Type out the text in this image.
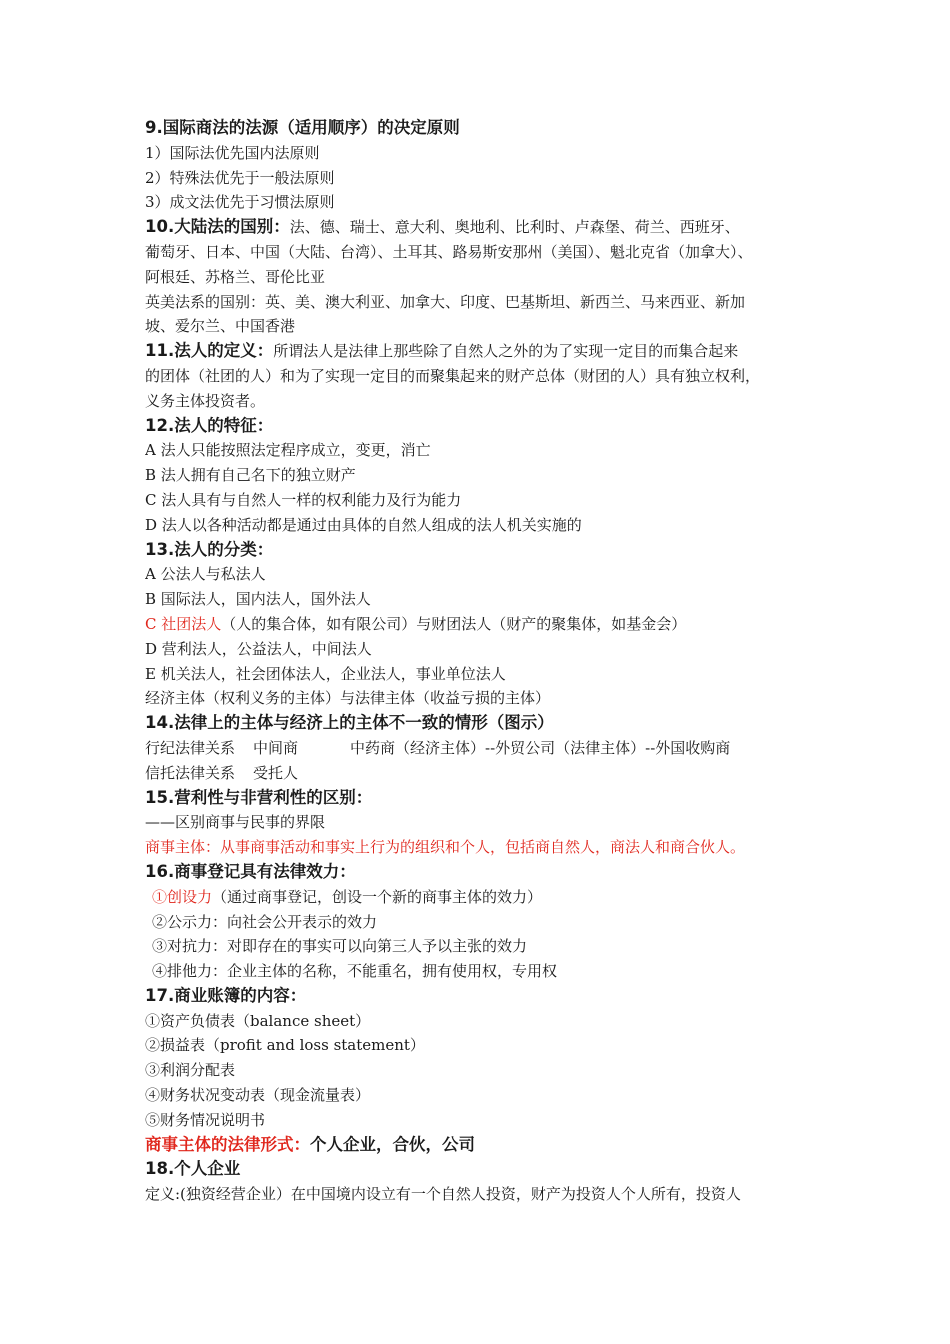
9.国际商法的法源（适用顺序）的决定原则
1）国际法优先国内法原则
2）特殊法优先于一般法原则
3）成文法优先于习惯法原则
10.大陆法的国别：法、德、瑞士、意大利、奥地利、比利时、卢森堡、荷兰、西班牙、
葡萄牙、日本、中国（大陆、台湾）、土耳其、路易斯安那州（美国）、魁北克省（加拿大）、
阿根廷、苏格兰、哥伦比亚
英美法系的国别：英、美、澳大利亚、加拿大、印度、巴基斯坦、新西兰、马来西亚、新加
坡、爱尔兰、中国香港
11.法人的定义：所谓法人是法律上那些除了自然人之外的为了实现一定目的而集合起来
的团体（社团的人）和为了实现一定目的而聚集起来的财产总体（财团的人）具有独立权利，
义务主体投资者。
12.法人的特征：
A 法人只能按照法定程序成立，变更，消亡
B 法人拥有自己名下的独立财产
C 法人具有与自然人一样的权利能力及行为能力
D 法人以各种活动都是通过由具体的自然人组成的法人机关实施的
13.法人的分类：
A 公法人与私法人
B 国际法人，国内法人，国外法人
C 社团法人（人的集合体，如有限公司）与财团法人（财产的聚集体，如基金会）
D 营利法人，公益法人，中间法人
E 机关法人，社会团体法人，企业法人，事业单位法人
经济主体（权利义务的主体）与法律主体（收益亏损的主体）
14.法律上的主体与经济上的主体不一致的情形（图示）
行纪法律关系 中间商	中药商（经济主体）--外贸公司（法律主体）--外国收购商
信托法律关系 受托人
15.营利性与非营利性的区别：
——区别商事与民事的界限
商事主体：从事商事活动和事实上行为的组织和个人，包括商自然人，商法人和商合伙人。
16.商事登记具有法律效力：
①创设力（通过商事登记，创设一个新的商事主体的效力）
②公示力：向社会公开表示的效力
③对抗力：对即存在的事实可以向第三人予以主张的效力
④排他力：企业主体的名称，不能重名，拥有使用权，专用权
17.商业账簿的内容：
①资产负债表（balance sheet）
②损益表（profit and loss statement）
③利润分配表
④财务状况变动表（现金流量表）
⑤财务情况说明书
商事主体的法律形式：个人企业，合伙，公司
18.个人企业
定义:(独资经营企业）在中国境内设立有一个自然人投资，财产为投资人个人所有，投资人
